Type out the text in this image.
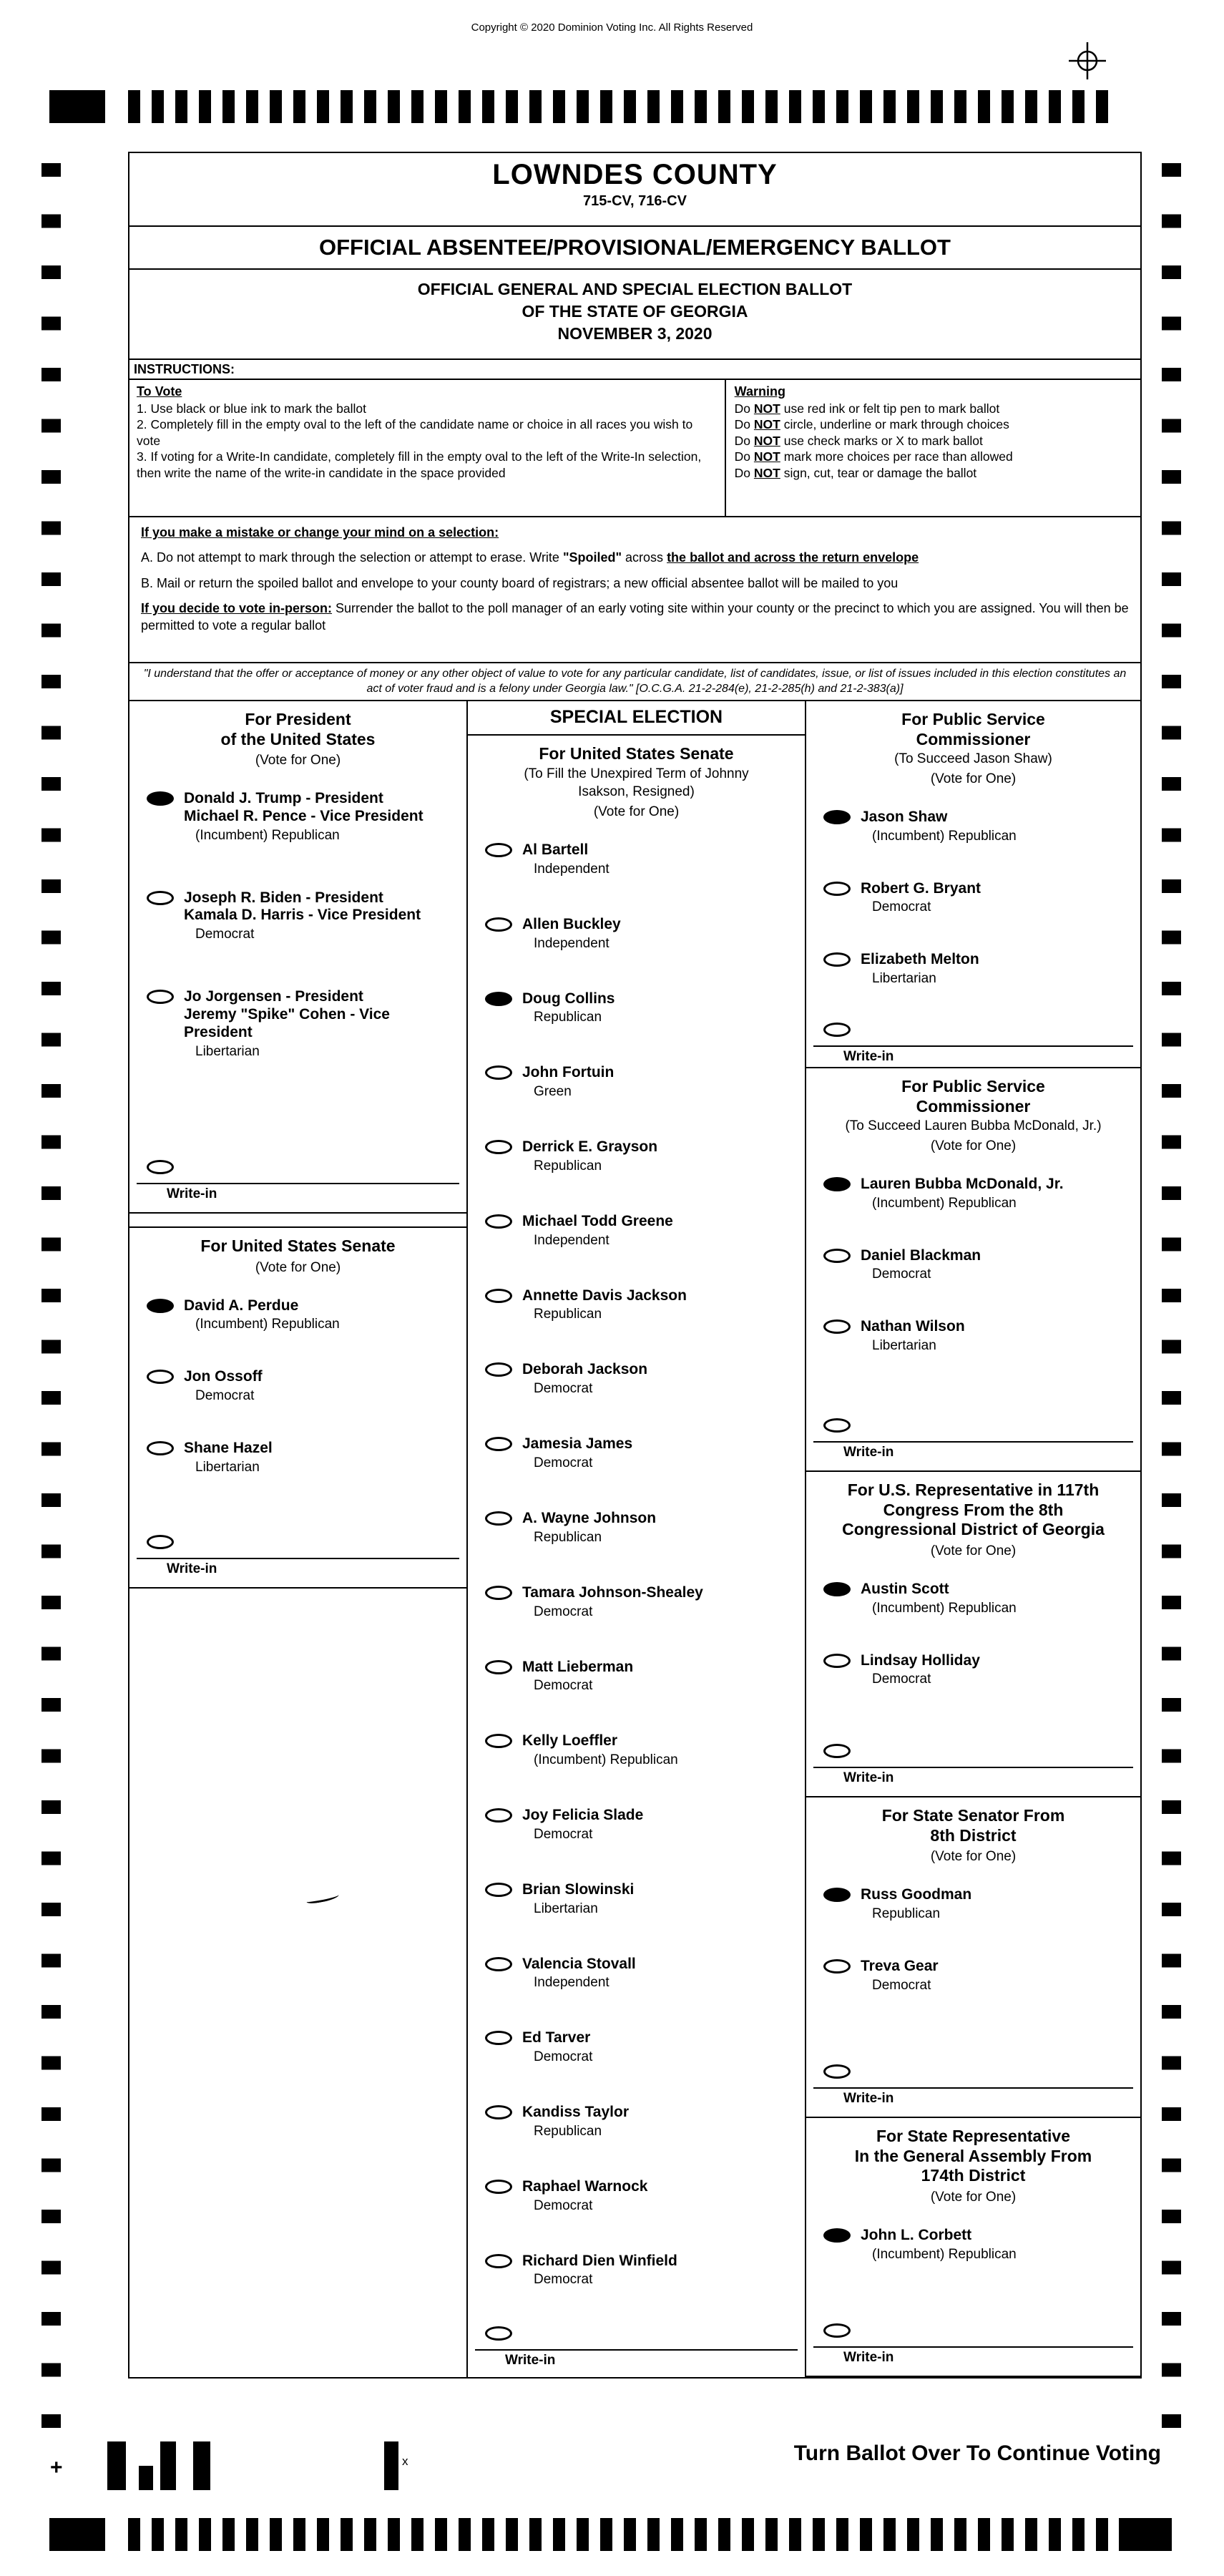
Copyright © 2020 Dominion Voting Inc. All Rights Reserved
LOWNDES COUNTY
715-CV, 716-CV
OFFICIAL ABSENTEE/PROVISIONAL/EMERGENCY BALLOT
OFFICIAL GENERAL AND SPECIAL ELECTION BALLOT
OF THE STATE OF GEORGIA
NOVEMBER 3, 2020
INSTRUCTIONS:
To Vote
1. Use black or blue ink to mark the ballot
2. Completely fill in the empty oval to the left of the candidate name or choice in all races you wish to vote
3. If voting for a Write-In candidate, completely fill in the empty oval to the left of the Write-In selection, then write the name of the write-in candidate in the space provided
Warning
Do NOT use red ink or felt tip pen to mark ballot
Do NOT circle, underline or mark through choices
Do NOT use check marks or X to mark ballot
Do NOT mark more choices per race than allowed
Do NOT sign, cut, tear or damage the ballot
If you make a mistake or change your mind on a selection:
A. Do not attempt to mark through the selection or attempt to erase. Write "Spoiled" across the ballot and across the return envelope
B. Mail or return the spoiled ballot and envelope to your county board of registrars; a new official absentee ballot will be mailed to you
If you decide to vote in-person: Surrender the ballot to the poll manager of an early voting site within your county or the precinct to which you are assigned. You will then be permitted to vote a regular ballot
"I understand that the offer or acceptance of money or any other object of value to vote for any particular candidate, list of candidates, issue, or list of issues included in this election constitutes an act of voter fraud and is a felony under Georgia law." [O.C.G.A. 21-2-284(e), 21-2-285(h) and 21-2-383(a)]
For President
of the United States
(Vote for One)
Donald J. Trump - President
Michael R. Pence - Vice President
(Incumbent) Republican
Joseph R. Biden - President
Kamala D. Harris - Vice President
Democrat
Jo Jorgensen - President
Jeremy "Spike" Cohen - Vice President
Libertarian
Write-in
For United States Senate
(Vote for One)
David A. Perdue
(Incumbent) Republican
Jon Ossoff
Democrat
Shane Hazel
Libertarian
Write-in
SPECIAL ELECTION
For United States Senate
(To Fill the Unexpired Term of Johnny
Isakson, Resigned)
(Vote for One)
Al Bartell
Independent
Allen Buckley
Independent
Doug Collins
Republican
John Fortuin
Green
Derrick E. Grayson
Republican
Michael Todd Greene
Independent
Annette Davis Jackson
Republican
Deborah Jackson
Democrat
Jamesia James
Democrat
A. Wayne Johnson
Republican
Tamara Johnson-Shealey
Democrat
Matt Lieberman
Democrat
Kelly Loeffler
(Incumbent) Republican
Joy Felicia Slade
Democrat
Brian Slowinski
Libertarian
Valencia Stovall
Independent
Ed Tarver
Democrat
Kandiss Taylor
Republican
Raphael Warnock
Democrat
Richard Dien Winfield
Democrat
Write-in
For Public Service
Commissioner
(To Succeed Jason Shaw)
(Vote for One)
Jason Shaw
(Incumbent) Republican
Robert G. Bryant
Democrat
Elizabeth Melton
Libertarian
Write-in
For Public Service
Commissioner
(To Succeed Lauren Bubba McDonald, Jr.)
(Vote for One)
Lauren Bubba McDonald, Jr.
(Incumbent) Republican
Daniel Blackman
Democrat
Nathan Wilson
Libertarian
Write-in
For U.S. Representative in 117th
Congress From the 8th
Congressional District of Georgia
(Vote for One)
Austin Scott
(Incumbent) Republican
Lindsay Holliday
Democrat
Write-in
For State Senator From
8th District
(Vote for One)
Russ Goodman
Republican
Treva Gear
Democrat
Write-in
For State Representative
In the General Assembly From
174th District
(Vote for One)
John L. Corbett
(Incumbent) Republican
Write-in
+	x	Turn Ballot Over To Continue Voting
